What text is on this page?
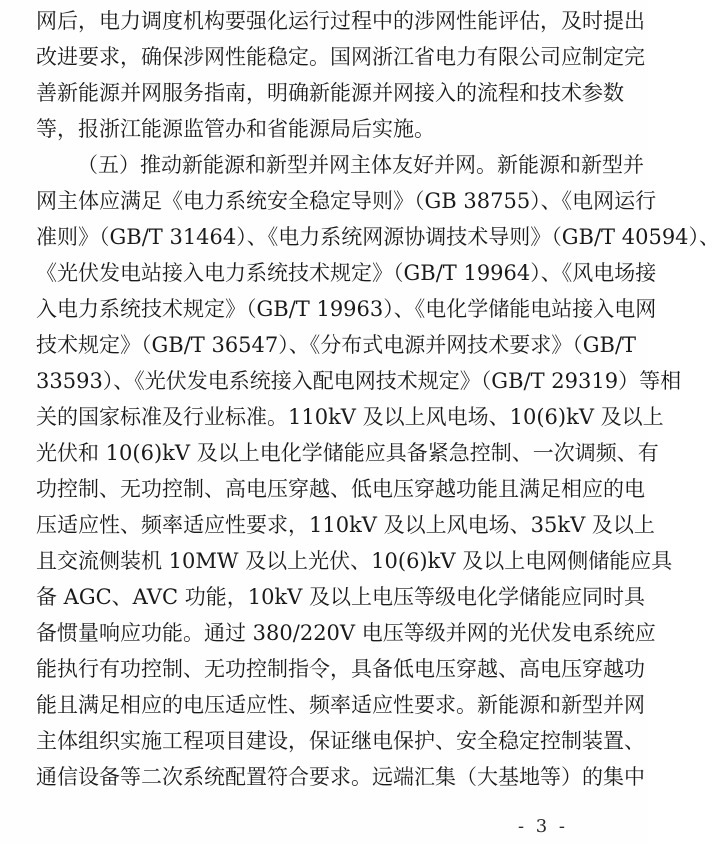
网后，电力调度机构要强化运行过程中的涉网性能评估，及时提出
改进要求，确保涉网性能稳定。国网浙江省电力有限公司应制定完
善新能源并网服务指南，明确新能源并网接入的流程和技术参数
等，报浙江能源监管办和省能源局后实施。
（五）推动新能源和新型并网主体友好并网。新能源和新型并
网主体应满足《电力系统安全稳定导则》（GB 38755）、《电网运行
准则》（GB/T 31464）、《电力系统网源协调技术导则》（GB/T 40594）、
《光伏发电站接入电力系统技术规定》（GB/T 19964）、《风电场接
入电力系统技术规定》（GB/T 19963）、《电化学储能电站接入电网
技术规定》（GB/T 36547）、《分布式电源并网技术要求》（GB/T
33593）、《光伏发电系统接入配电网技术规定》（GB/T 29319）等相
关的国家标准及行业标准。110kV 及以上风电场、10(6)kV 及以上
光伏和 10(6)kV 及以上电化学储能应具备紧急控制、一次调频、有
功控制、无功控制、高电压穿越、低电压穿越功能且满足相应的电
压适应性、频率适应性要求，110kV 及以上风电场、35kV 及以上
且交流侧装机 10MW 及以上光伏、10(6)kV 及以上电网侧储能应具
备 AGC、AVC 功能，10kV 及以上电压等级电化学储能应同时具
备惯量响应功能。通过 380/220V 电压等级并网的光伏发电系统应
能执行有功控制、无功控制指令，具备低电压穿越、高电压穿越功
能且满足相应的电压适应性、频率适应性要求。新能源和新型并网
主体组织实施工程项目建设，保证继电保护、安全稳定控制装置、
通信设备等二次系统配置符合要求。远端汇集（大基地等）的集中
- 3 -
